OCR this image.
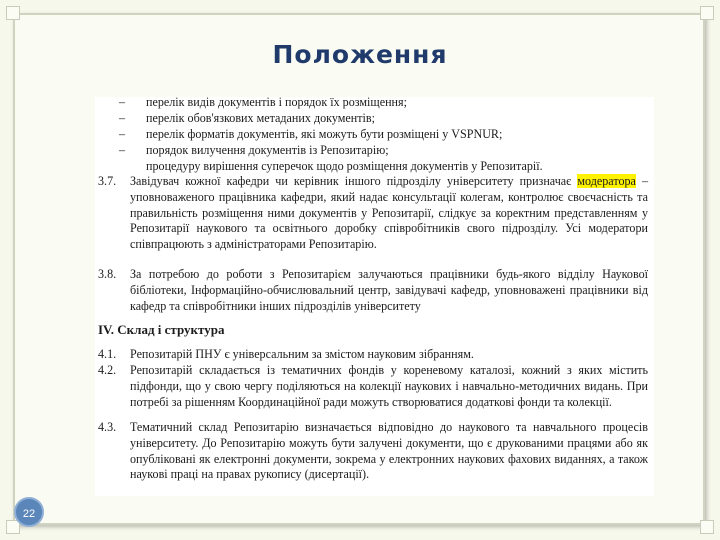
Положення
– перелік видів документів і порядок їх розміщення;
– перелік обов'язкових метаданих документів;
– перелік форматів документів, які можуть бути розміщені у VSPNUR;
– порядок вилучення документів із Репозитарію;
процедуру вирішення суперечок щодо розміщення документів у Репозитарії.
3.7. Завідувач кожної кафедри чи керівник іншого підрозділу університету призначає модератора – уповноваженого працівника кафедри, який надає консультації колегам, контролює своєчасність та правильність розміщення ними документів у Репозитарії, слідкує за коректним представленням у Репозитарії наукового та освітнього доробку співробітників свого підрозділу. Усі модератори співпрацюють з адміністраторами Репозитарію.

3.8. За потребою до роботи з Репозитарієм залучаються працівники будь-якого відділу Наукової бібліотеки, Інформаційно-обчислювальний центр, завідувачі кафедр, уповноважені працівники від кафедр та співробітники інших підрозділів університету

IV. Склад і структура
4.1. Репозитарій ПНУ є універсальним за змістом науковим зібранням.

4.2. Репозитарій складається із тематичних фондів у кореневому каталозі, кожний з яких містить підфонди, що у свою чергу поділяються на колекції наукових і навчально-методичних видань. При потребі за рішенням Координаційної ради можуть створюватися додаткові фонди та колекції.

4.3. Тематичний склад Репозитарію визначається відповідно до наукового та навчального процесів університету. До Репозитарію можуть бути залучені документи, що є друкованими працями або як опубліковані як електронні документи, зокрема у електронних наукових фахових виданнях, а також наукові праці на правах рукопису (дисертації).

22
